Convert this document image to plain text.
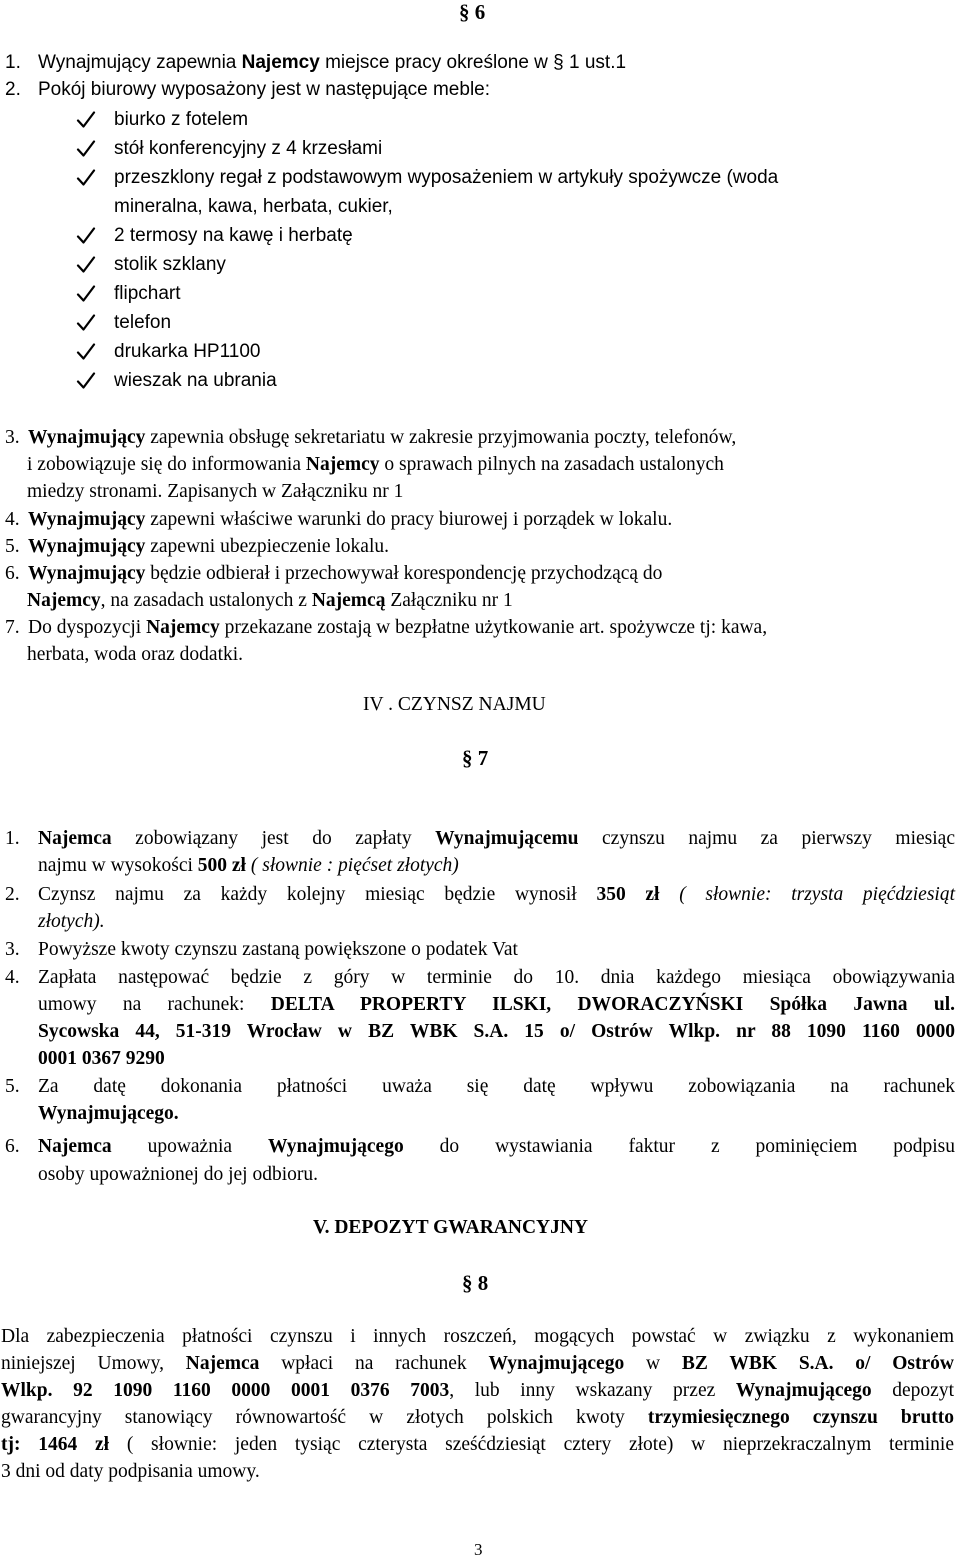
§ 6
1. Wynajmujący zapewnia Najemcy miejsce pracy określone w § 1 ust.1
2. Pokój biurowy wyposażony jest w następujące meble:
biurko z fotelem
stół konferencyjny z 4 krzesłami
przeszklony regał z podstawowym wyposażeniem w artykuły spożywcze (woda
mineralna, kawa, herbata, cukier,
2 termosy na kawę i herbatę
stolik szklany
flipchart
telefon
drukarka HP1100
wieszak na ubrania
3. Wynajmujący zapewnia obsługę sekretariatu w zakresie przyjmowania poczty, telefonów,
i zobowiązuje się do informowania Najemcy o sprawach pilnych na zasadach ustalonych
miedzy stronami. Zapisanych w Załączniku nr 1
4. Wynajmujący zapewni właściwe warunki do pracy biurowej i porządek w lokalu.
5. Wynajmujący zapewni ubezpieczenie lokalu.
6. Wynajmujący będzie odbierał i przechowywał korespondencję przychodzącą do
Najemcy, na zasadach ustalonych z Najemcą Załączniku nr 1
7. Do dyspozycji Najemcy przekazane zostają w bezpłatne użytkowanie art. spożywcze tj: kawa,
herbata, woda oraz dodatki.
IV . CZYNSZ NAJMU
§ 7
1. Najemca zobowiązany jest do zapłaty Wynajmującemu czynszu najmu za pierwszy miesiąc
najmu w wysokości 500 zł ( słownie : pięćset złotych)
2. Czynsz najmu za każdy kolejny miesiąc będzie wynosił 350 zł ( słownie: trzysta pięćdziesiąt
złotych).
3. Powyższe kwoty czynszu zastaną powiększone o podatek Vat
4. Zapłata następować będzie z góry w terminie do 10. dnia każdego miesiąca obowiązywania
umowy na rachunek: DELTA PROPERTY ILSKI, DWORACZYŃSKI Spółka Jawna ul.
Sycowska 44, 51-319 Wrocław w BZ WBK S.A. 15 o/ Ostrów Wlkp. nr 88 1090 1160 0000
0001 0367 9290
5. Za datę dokonania płatności uważa się datę wpływu zobowiązania na rachunek
Wynajmującego.
6. Najemca upoważnia Wynajmującego do wystawiania faktur z pominięciem podpisu
osoby upoważnionej do jej odbioru.
V. DEPOZYT GWARANCYJNY
§ 8
Dla zabezpieczenia płatności czynszu i innych roszczeń, mogących powstać w związku z wykonaniem
niniejszej Umowy, Najemca wpłaci na rachunek Wynajmującego w BZ WBK S.A. o/ Ostrów
Wlkp. 92 1090 1160 0000 0001 0376 7003, lub inny wskazany przez Wynajmującego depozyt
gwarancyjny stanowiący równowartość w złotych polskich kwoty trzymiesięcznego czynszu brutto
tj: 1464 zł ( słownie: jeden tysiąc czterysta sześćdziesiąt cztery złote) w nieprzekraczalnym terminie
3 dni od daty podpisania umowy.
3
